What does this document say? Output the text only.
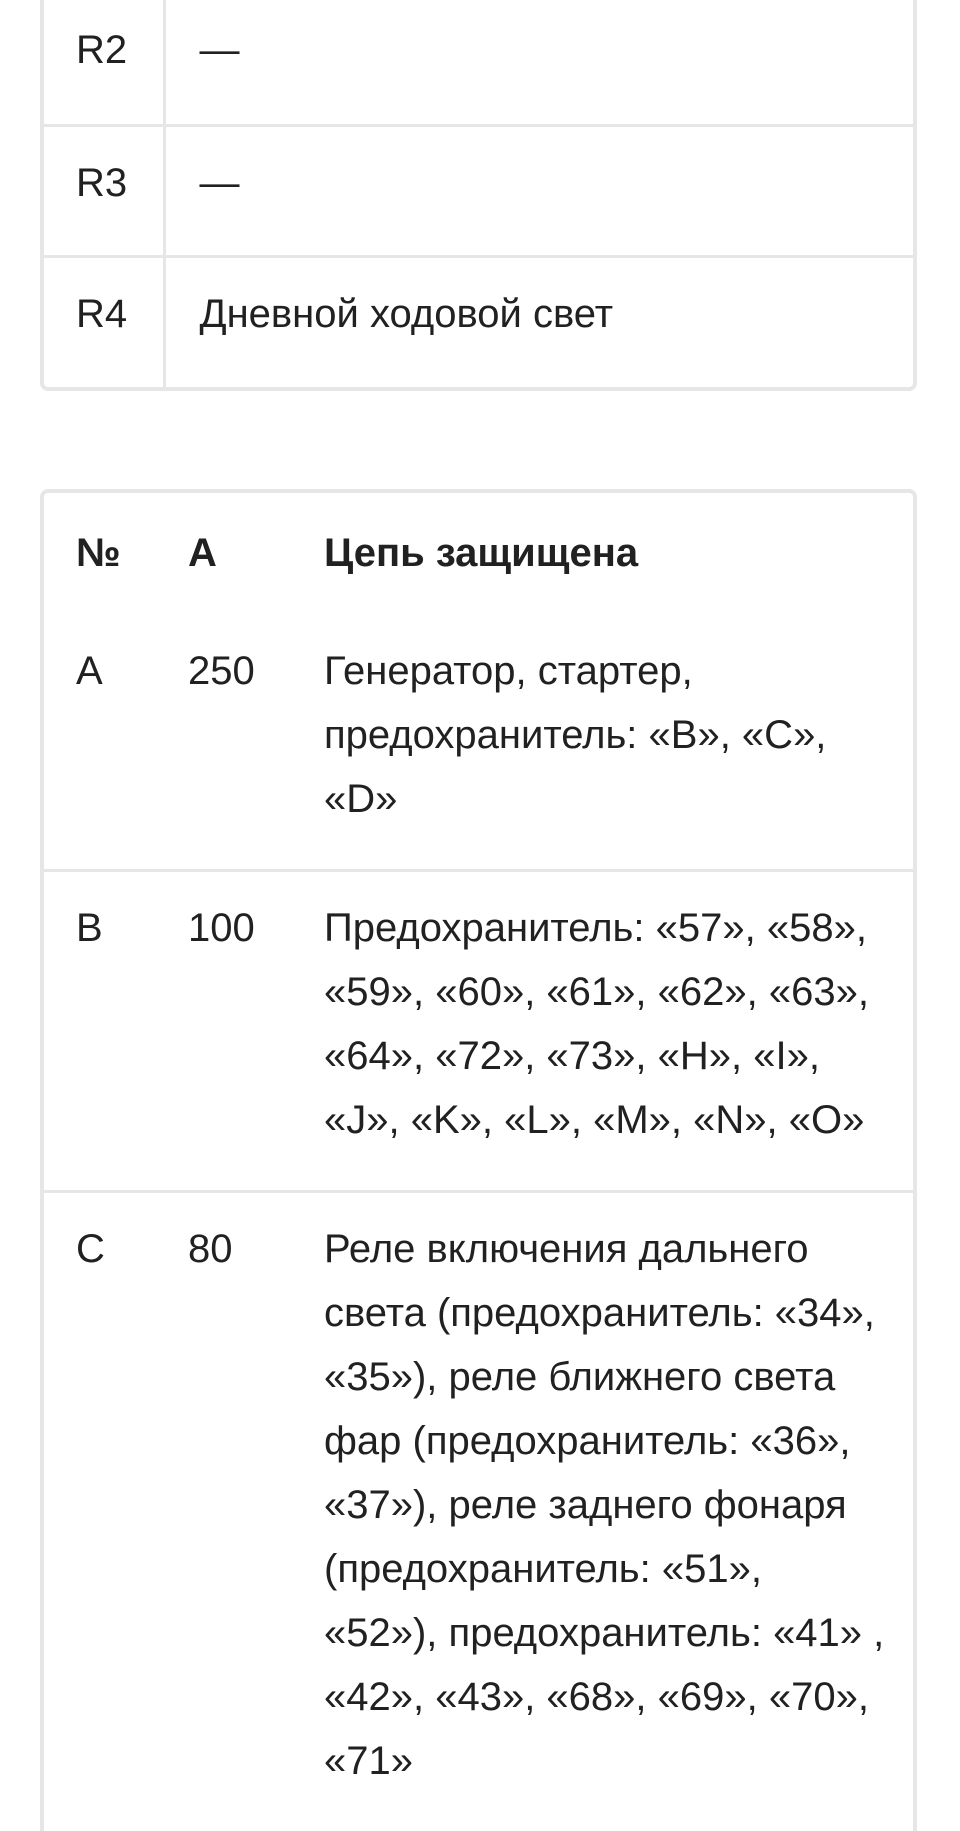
R2	—
R3	—
R4	Дневной ходовой свет
№	A	Цепь защищена
A	250	Генератор, стартер, предохранитель: «B», «C», «D»
B	100	Предохранитель: «57», «58», «59», «60», «61», «62», «63», «64», «72», «73», «H», «I», «J», «K», «L», «M», «N», «O»
C	80	Реле включения дальнего света (предохранитель: «34», «35»), реле ближнего света фар (предохранитель: «36», «37»), реле заднего фонаря (предохранитель: «51», «52»), предохранитель: «41» , «42», «43», «68», «69», «70», «71»
